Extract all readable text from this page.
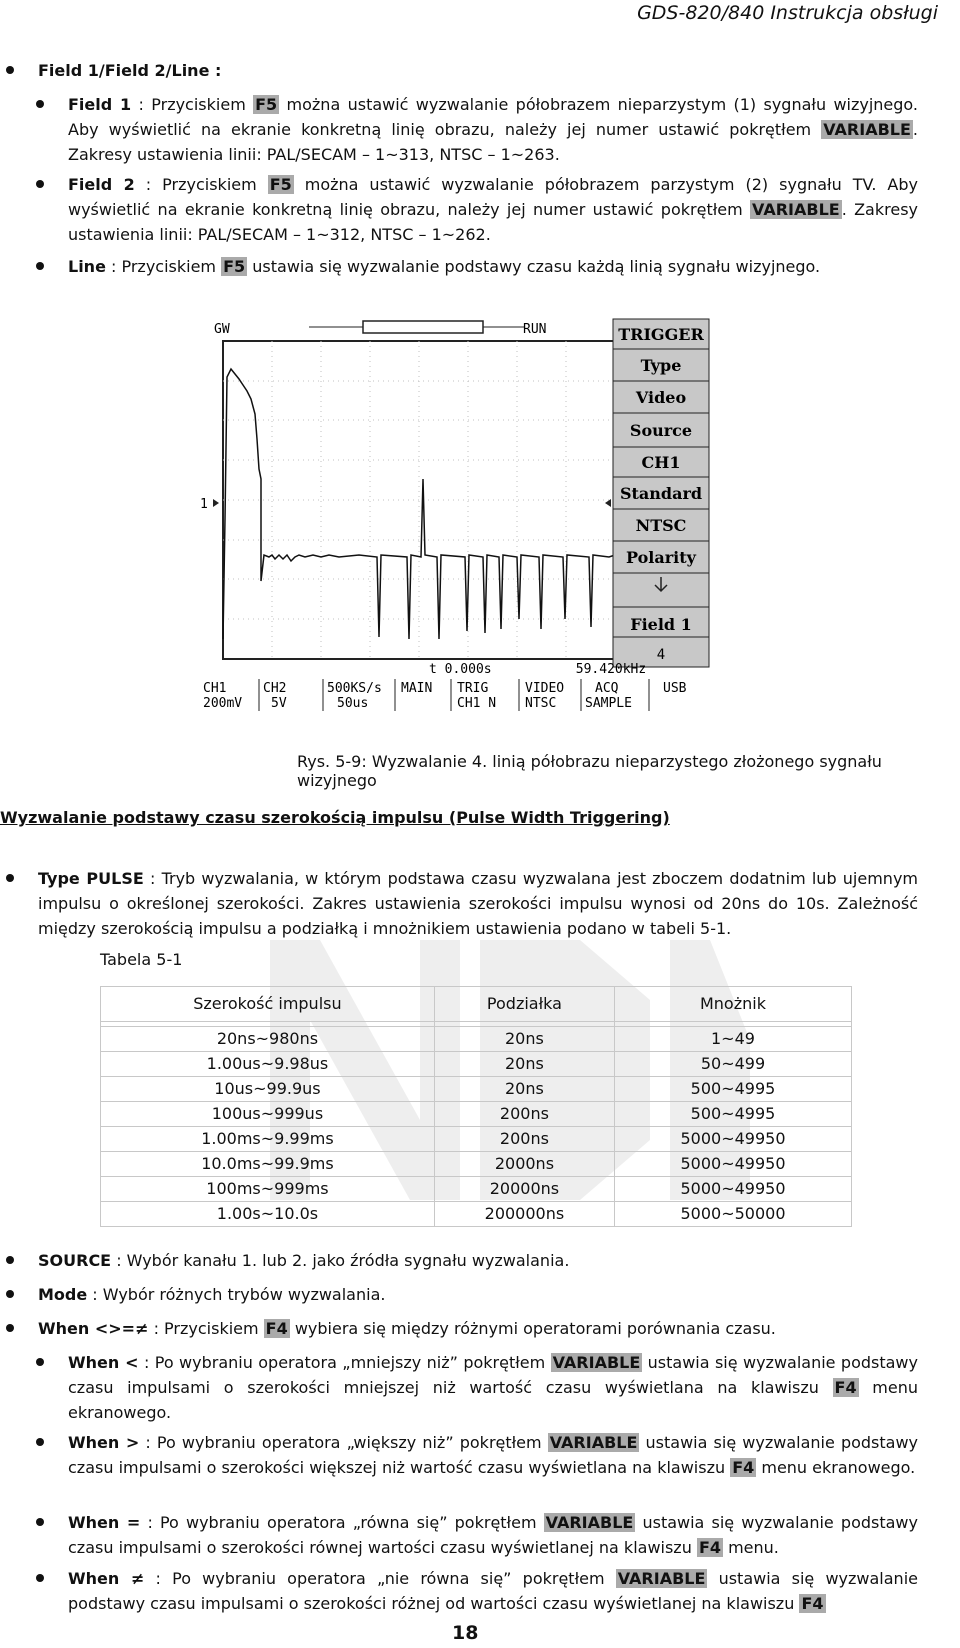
GDS-820/840 Instrukcja obsługi
Field 1/Field 2/Line :
Field 1 : Przyciskiem F5 można ustawić wyzwalanie półobrazem nieparzystym (1) sygnału wizyjnego. Aby wyświetlić na ekranie konkretną linię obrazu, należy jej numer ustawić pokrętłem VARIABLE . Zakresy ustawienia linii: PAL/SECAM – 1~313, NTSC – 1~263.
Field 2 : Przyciskiem F5 można ustawić wyzwalanie półobrazem parzystym (2) sygnału TV. Aby wyświetlić na ekranie konkretną linię obrazu, należy jej numer ustawić pokrętłem VARIABLE . Zakresy ustawienia linii: PAL/SECAM – 1~312, NTSC – 1~262.
Line : Przyciskiem F5 ustawia się wyzwalanie podstawy czasu każdą linią sygnału wizyjnego.
GW	RUN
1
TRIGGER
Type
Video
Source
CH1
Standard
NTSC
Polarity
Field 1
4
t 0.000s	59.420kHz
CH1
200mV
CH2
5V
500KS/s
50us
MAIN TRIG
CH1 N
VIDEO
NTSC
ACQ
SAMPLE
USB
Rys. 5-9: Wyzwalanie 4. linią półobrazu nieparzystego złożonego sygnału wizyjnego
Wyzwalanie podstawy czasu szerokością impulsu (Pulse Width Triggering)
Type PULSE : Tryb wyzwalania, w którym podstawa czasu wyzwalana jest zboczem dodatnim lub ujemnym impulsu o określonej szerokości. Zakres ustawienia szerokości impulsu wynosi od 20ns do 10s. Zależność między szerokością impulsu a podziałką i mnożnikiem ustawienia podano w tabeli 5-1.
Tabela 5-1
Szerokość impulsu	Podziałka	Mnożnik

20ns~980ns	20ns	1~49
1.00us~9.98us	20ns	50~499
10us~99.9us	20ns	500~4995
100us~999us	200ns	500~4995
1.00ms~9.99ms	200ns	5000~49950
10.0ms~99.9ms	2000ns	5000~49950
100ms~999ms	20000ns	5000~49950
1.00s~10.0s	200000ns	5000~50000
SOURCE : Wybór kanału 1. lub 2. jako źródła sygnału wyzwalania.
Mode : Wybór różnych trybów wyzwalania.
When <>=≠ : Przyciskiem F4 wybiera się między różnymi operatorami porównania czasu.
When < : Po wybraniu operatora „mniejszy niż” pokrętłem VARIABLE ustawia się wyzwalanie podstawy czasu impulsami o szerokości mniejszej niż wartość czasu wyświetlana na klawiszu F4 menu ekranowego.
When > : Po wybraniu operatora „większy niż” pokrętłem VARIABLE ustawia się wyzwalanie podstawy czasu impulsami o szerokości większej niż wartość czasu wyświetlana na klawiszu F4 menu ekranowego.
When = : Po wybraniu operatora „równa się” pokrętłem VARIABLE ustawia się wyzwalanie podstawy czasu impulsami o szerokości równej wartości czasu wyświetlanej na klawiszu F4 menu.
When ≠ : Po wybraniu operatora „nie równa się” pokrętłem VARIABLE ustawia się wyzwalanie podstawy czasu impulsami o szerokości różnej od wartości czasu wyświetlanej na klawiszu F4
18
